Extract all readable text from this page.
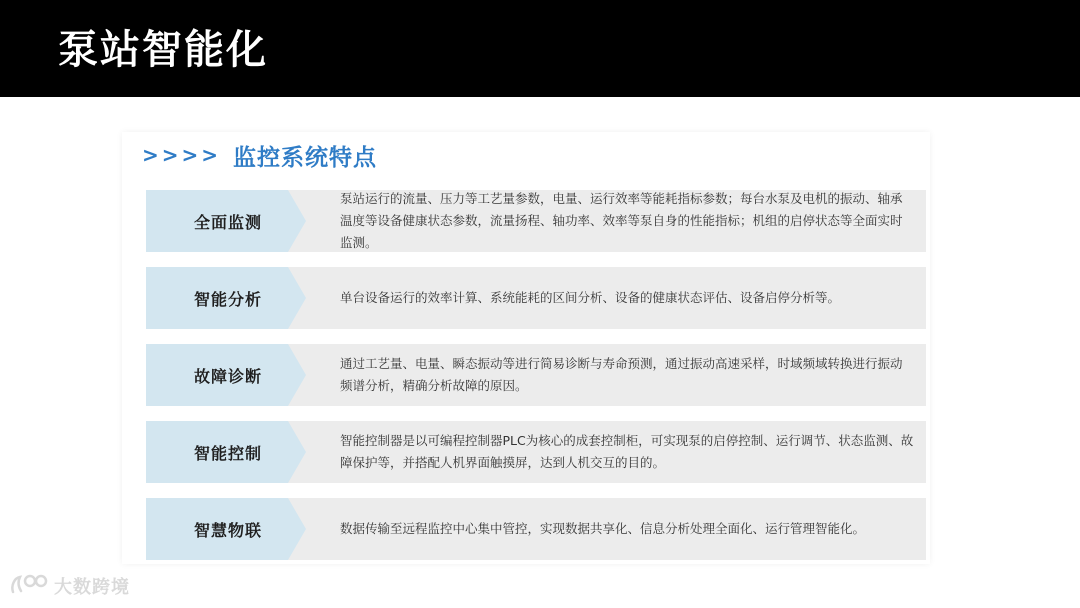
泵站智能化
>>>> 监控系统特点
全面监测
泵站运行的流量、压力等工艺量参数，电量、运行效率等能耗指标参数；每台水泵及电机的振动、轴承温度等设备健康状态参数，流量扬程、轴功率、效率等泵自身的性能指标；机组的启停状态等全面实时监测。
智能分析	单台设备运行的效率计算、系统能耗的区间分析、设备的健康状态评估、设备启停分析等。
故障诊断
通过工艺量、电量、瞬态振动等进行简易诊断与寿命预测，通过振动高速采样，时域频域转换进行振动频谱分析，精确分析故障的原因。
智能控制
智能控制器是以可编程控制器PLC为核心的成套控制柜，可实现泵的启停控制、运行调节、状态监测、故障保护等，并搭配人机界面触摸屏，达到人机交互的目的。
智慧物联	数据传输至远程监控中心集中管控，实现数据共享化、信息分析处理全面化、运行管理智能化。
大数跨境
